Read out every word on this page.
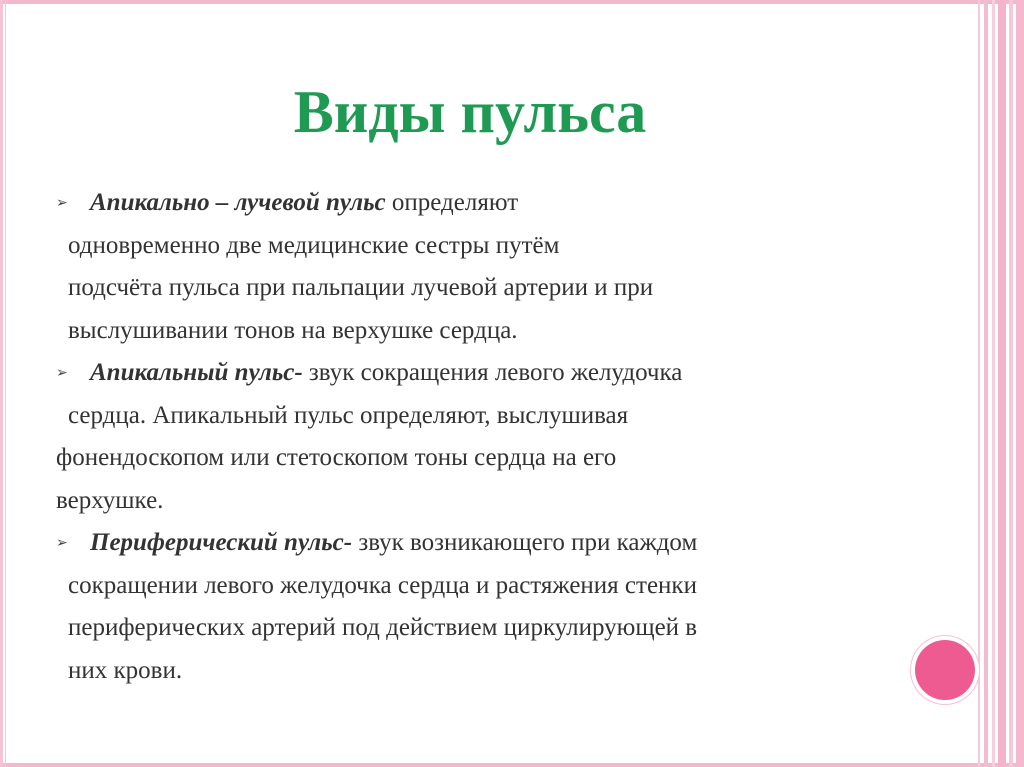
Виды пульса
➢ Апикально – лучевой пульс определяют
одновременно две медицинские сестры путём
подсчёта пульса при пальпации лучевой артерии и при
выслушивании тонов на верхушке сердца.
➢ Апикальный пульс- звук сокращения левого желудочка
сердца. Апикальный пульс определяют, выслушивая
фонендоскопом или стетоскопом тоны сердца на его
верхушке.
➢ Периферический пульс- звук возникающего при каждом
сокращении левого желудочка сердца и растяжения стенки
периферических артерий под действием циркулирующей в
них крови.
